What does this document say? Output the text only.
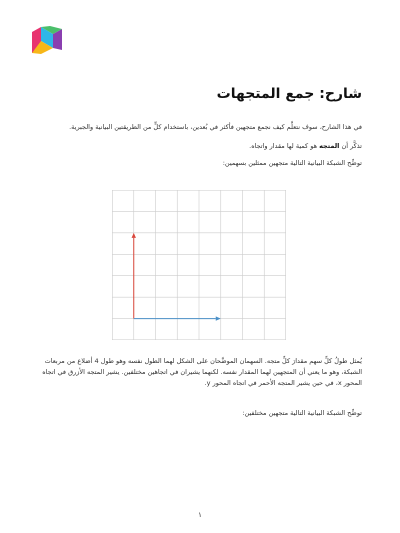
شارح: جمع المتجهات
في هذا الشارح، سوف نتعلَّم كيف نجمع متجهين فأكثر في بُعدين، باستخدام كلٍّ من الطريقتين البيانية والجبرية.
تذكَّر أن المتجه هو كمية لها مقدار واتجاه.
توضِّح الشبكة البيانية التالية متجهين ممثلين بسهمين:
يُمثل طولُ كلِّ سهم مقدارَ كلِّ متجه. السهمان الموضَّحان على الشكل لهما الطول نفسه وهو طول 4 أضلاع من مربعات الشبكة، وهو ما يعني أن المتجهين لهما المقدار نفسه. لكنهما يشيران في اتجاهين مختلفين. يشير المتجه الأزرق في اتجاه المحور x، في حين يشير المتجه الأحمر في اتجاه المحور y.
توضِّح الشبكة البيانية التالية متجهين مختلفين:
١
